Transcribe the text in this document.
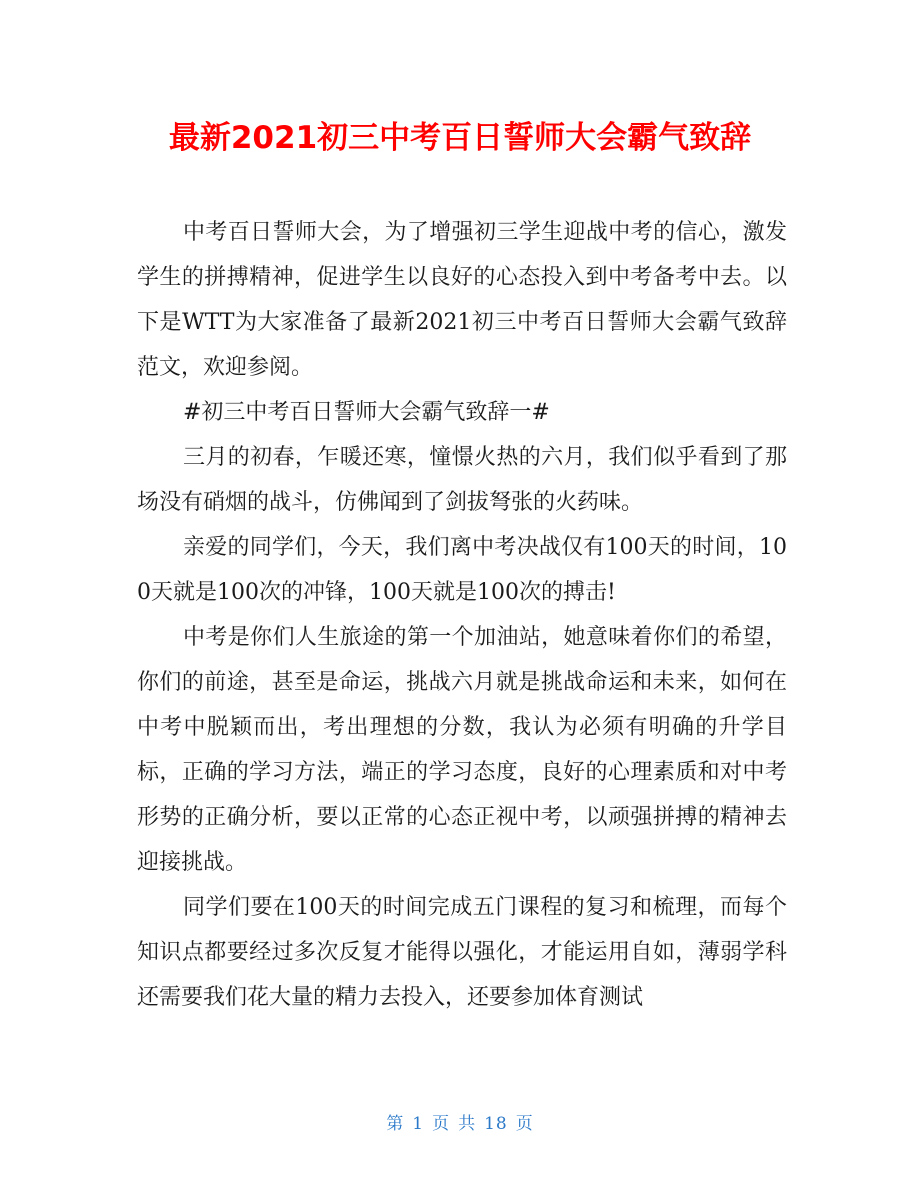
最新2021初三中考百日誓师大会霸气致辞

中考百日誓师大会，为了增强初三学生迎战中考的信心，激发学生的拼搏精神，促进学生以良好的心态投入到中考备考中去。以下是WTT为大家准备了最新2021初三中考百日誓师大会霸气致辞范文，欢迎参阅。

#初三中考百日誓师大会霸气致辞一#

三月的初春，乍暖还寒，憧憬火热的六月，我们似乎看到了那场没有硝烟的战斗，仿佛闻到了剑拔弩张的火药味。

亲爱的同学们，今天，我们离中考决战仅有100天的时间，100天就是100次的冲锋，100天就是100次的搏击!

中考是你们人生旅途的第一个加油站，她意味着你们的希望，你们的前途，甚至是命运，挑战六月就是挑战命运和未来，如何在中考中脱颖而出，考出理想的分数，我认为必须有明确的升学目标，正确的学习方法，端正的学习态度，良好的心理素质和对中考形势的正确分析，要以正常的心态正视中考，以顽强拼搏的精神去迎接挑战。

同学们要在100天的时间完成五门课程的复习和梳理，而每个知识点都要经过多次反复才能得以强化，才能运用自如，薄弱学科还需要我们花大量的精力去投入，还要参加体育测试

第 1 页 共 18 页
